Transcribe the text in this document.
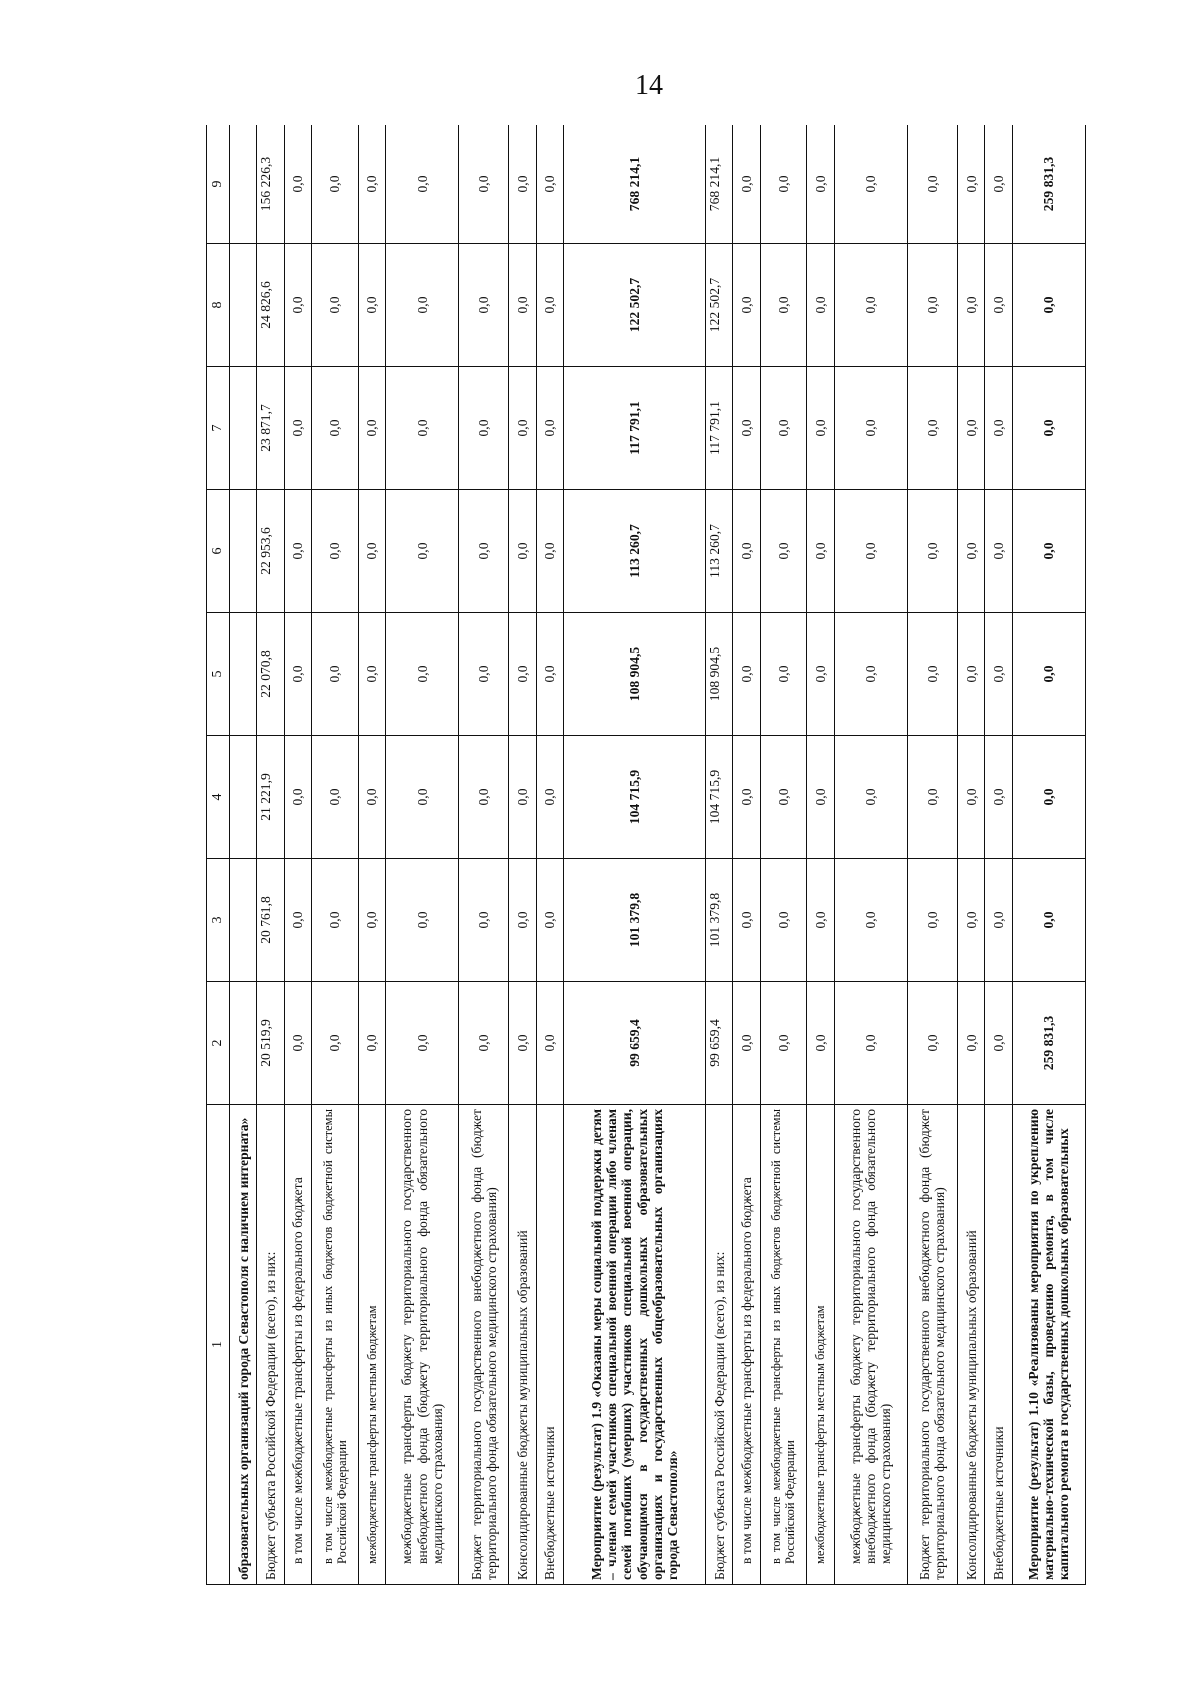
14
1	2	3	4	5	6	7	8	9
образовательных организаций города Севастополя с наличием интерната»								
Бюджет субъекта Российской Федерации (всего), из них:	20 519,9	20 761,8	21 221,9	22 070,8	22 953,6	23 871,7	24 826,6	156 226,3
в том числе межбюджетные трансферты из федерального бюджета	0,0	0,0	0,0	0,0	0,0	0,0	0,0	0,0
в том числе межбюджетные трансферты из иных бюджетов бюджетной системы Российской Федерации	0,0	0,0	0,0	0,0	0,0	0,0	0,0	0,0
межбюджетные трансферты местным бюджетам	0,0	0,0	0,0	0,0	0,0	0,0	0,0	0,0
межбюджетные трансферты бюджету территориального государственного внебюджетного фонда (бюджету территориального фонда обязательного медицинского страхования)	0,0	0,0	0,0	0,0	0,0	0,0	0,0	0,0
Бюджет территориального государственного внебюджетного фонда (бюджет территориального фонда обязательного медицинского страхования)	0,0	0,0	0,0	0,0	0,0	0,0	0,0	0,0
Консолидированные бюджеты муниципальных образований	0,0	0,0	0,0	0,0	0,0	0,0	0,0	0,0
Внебюджетные источники	0,0	0,0	0,0	0,0	0,0	0,0	0,0	0,0
Мероприятие (результат) 1.9 «Оказаны меры социальной поддержки детям – членам семей участников специальной военной операции либо членам семей погибших (умерших) участников специальной военной операции, обучающимся в государственных дошкольных образовательных организациях и государственных общеобразовательных организациях города Севастополя»	99 659,4	101 379,8	104 715,9	108 904,5	113 260,7	117 791,1	122 502,7	768 214,1
Бюджет субъекта Российской Федерации (всего), из них:	99 659,4	101 379,8	104 715,9	108 904,5	113 260,7	117 791,1	122 502,7	768 214,1
в том числе межбюджетные трансферты из федерального бюджета	0,0	0,0	0,0	0,0	0,0	0,0	0,0	0,0
в том числе межбюджетные трансферты из иных бюджетов бюджетной системы Российской Федерации	0,0	0,0	0,0	0,0	0,0	0,0	0,0	0,0
межбюджетные трансферты местным бюджетам	0,0	0,0	0,0	0,0	0,0	0,0	0,0	0,0
межбюджетные трансферты бюджету территориального государственного внебюджетного фонда (бюджету территориального фонда обязательного медицинского страхования)	0,0	0,0	0,0	0,0	0,0	0,0	0,0	0,0
Бюджет территориального государственного внебюджетного фонда (бюджет территориального фонда обязательного медицинского страхования)	0,0	0,0	0,0	0,0	0,0	0,0	0,0	0,0
Консолидированные бюджеты муниципальных образований	0,0	0,0	0,0	0,0	0,0	0,0	0,0	0,0
Внебюджетные источники	0,0	0,0	0,0	0,0	0,0	0,0	0,0	0,0
Мероприятие (результат) 1.10 «Реализованы мероприятия по укреплению материально-технической базы, проведению ремонта, в том числе капитального ремонта в государственных дошкольных образовательных	259 831,3	0,0	0,0	0,0	0,0	0,0	0,0	259 831,3
